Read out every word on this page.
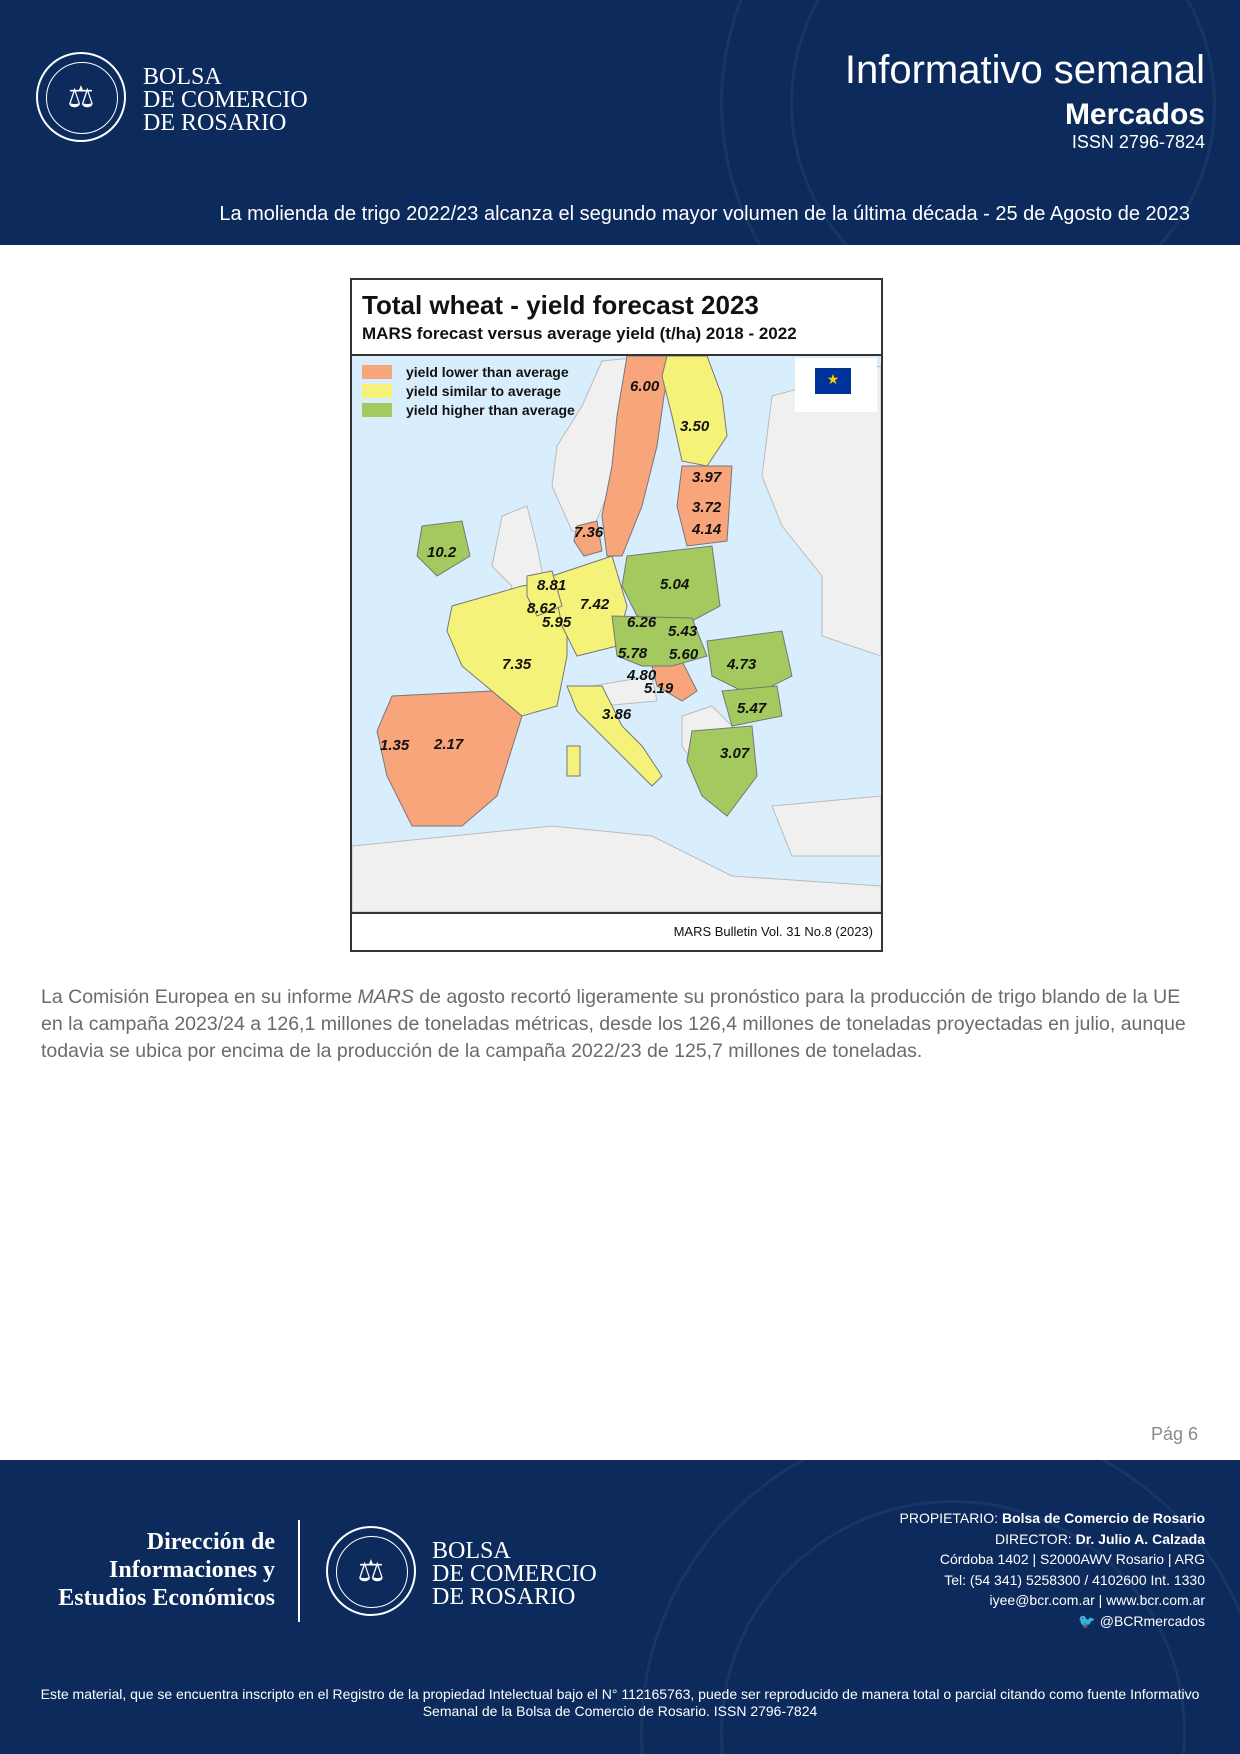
⚖
BOLSA
DE COMERCIO
DE ROSARIO
Informativo semanal
Mercados
ISSN 2796-7824
La molienda de trigo 2022/23 alcanza el segundo mayor volumen de la última década - 25 de Agosto de 2023
Total wheat - yield forecast 2023
MARS forecast versus average yield (t/ha) 2018 - 2022
yield lower than average
yield similar to average
yield higher than average
★
6.00
3.50
3.97
3.72
4.14
7.36
10.2
8.81
8.62
5.95
7.42
5.04
6.26
5.43
5.60
5.78
4.80
5.19
4.73
5.47
7.35
3.86
1.35 2.17
3.07
MARS Bulletin Vol. 31 No.8 (2023)
La Comisión Europea en su informe MARS de agosto recortó ligeramente su pronóstico para la producción de trigo blando de la UE en la campaña 2023/24 a 126,1 millones de toneladas métricas, desde los 126,4 millones de toneladas proyectadas en julio, aunque todavia se ubica por encima de la producción de la campaña 2022/23 de 125,7 millones de toneladas.
Pág 6
Dirección de
Informaciones y
Estudios Económicos
⚖
BOLSA
DE COMERCIO
DE ROSARIO
PROPIETARIO: Bolsa de Comercio de Rosario
DIRECTOR: Dr. Julio A. Calzada
Córdoba 1402 | S2000AWV Rosario | ARG
Tel: (54 341) 5258300 / 4102600 Int. 1330
iyee@bcr.com.ar | www.bcr.com.ar
🐦 @BCRmercados
Este material, que se encuentra inscripto en el Registro de la propiedad Intelectual bajo el N° 112165763, puede ser reproducido de manera total o parcial citando como fuente Informativo Semanal de la Bolsa de Comercio de Rosario. ISSN 2796-7824
